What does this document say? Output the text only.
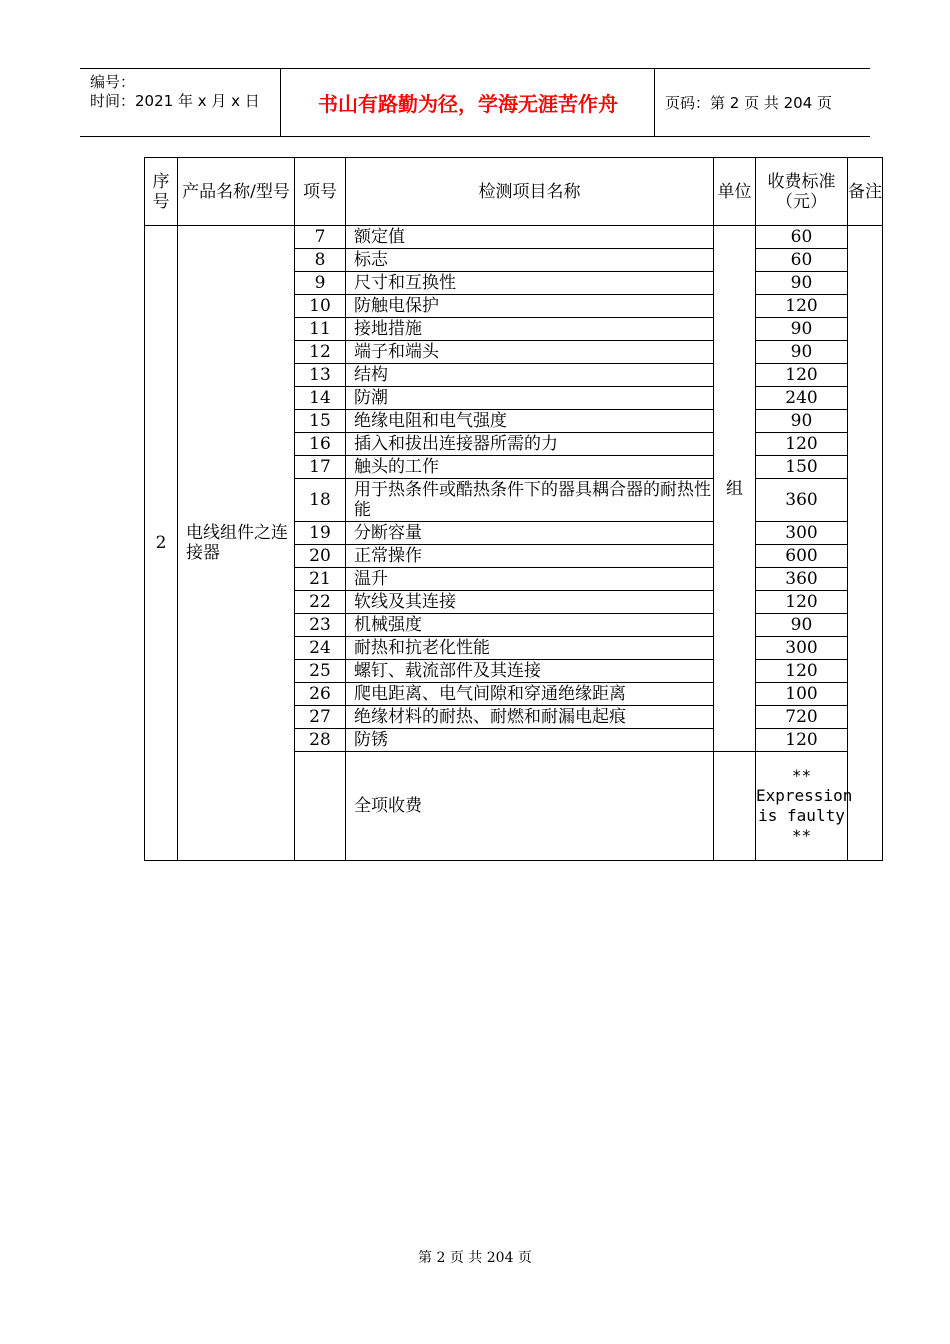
编号：
时间：2021 年 x 月 x 日	书山有路勤为径，学海无涯苦作舟	页码：第 2 页 共 204 页
序号	产品名称/型号	项号	检测项目名称	单位	收费标准（元）	备注
2	电线组件之连接器	7	额定值	组	60	
		8	标志		60	
		9	尺寸和互换性		90	
		10	防触电保护		120	
		11	接地措施		90	
		12	端子和端头		90	
		13	结构		120	
		14	防潮		240	
		15	绝缘电阻和电气强度		90	
		16	插入和拔出连接器所需的力		120	
		17	触头的工作		150	
		18	用于热条件或酷热条件下的器具耦合器的耐热性能		360	
		19	分断容量		300	
		20	正常操作		600	
		21	温升		360	
		22	软线及其连接		120	
		23	机械强度		90	
		24	耐热和抗老化性能		300	
		25	螺钉、载流部件及其连接		120	
		26	爬电距离、电气间隙和穿通绝缘距离		100	
		27	绝缘材料的耐热、耐燃和耐漏电起痕		720	
		28	防锈		120	
			全项收费		** Expression is faulty **	
第 2 页 共 204 页
